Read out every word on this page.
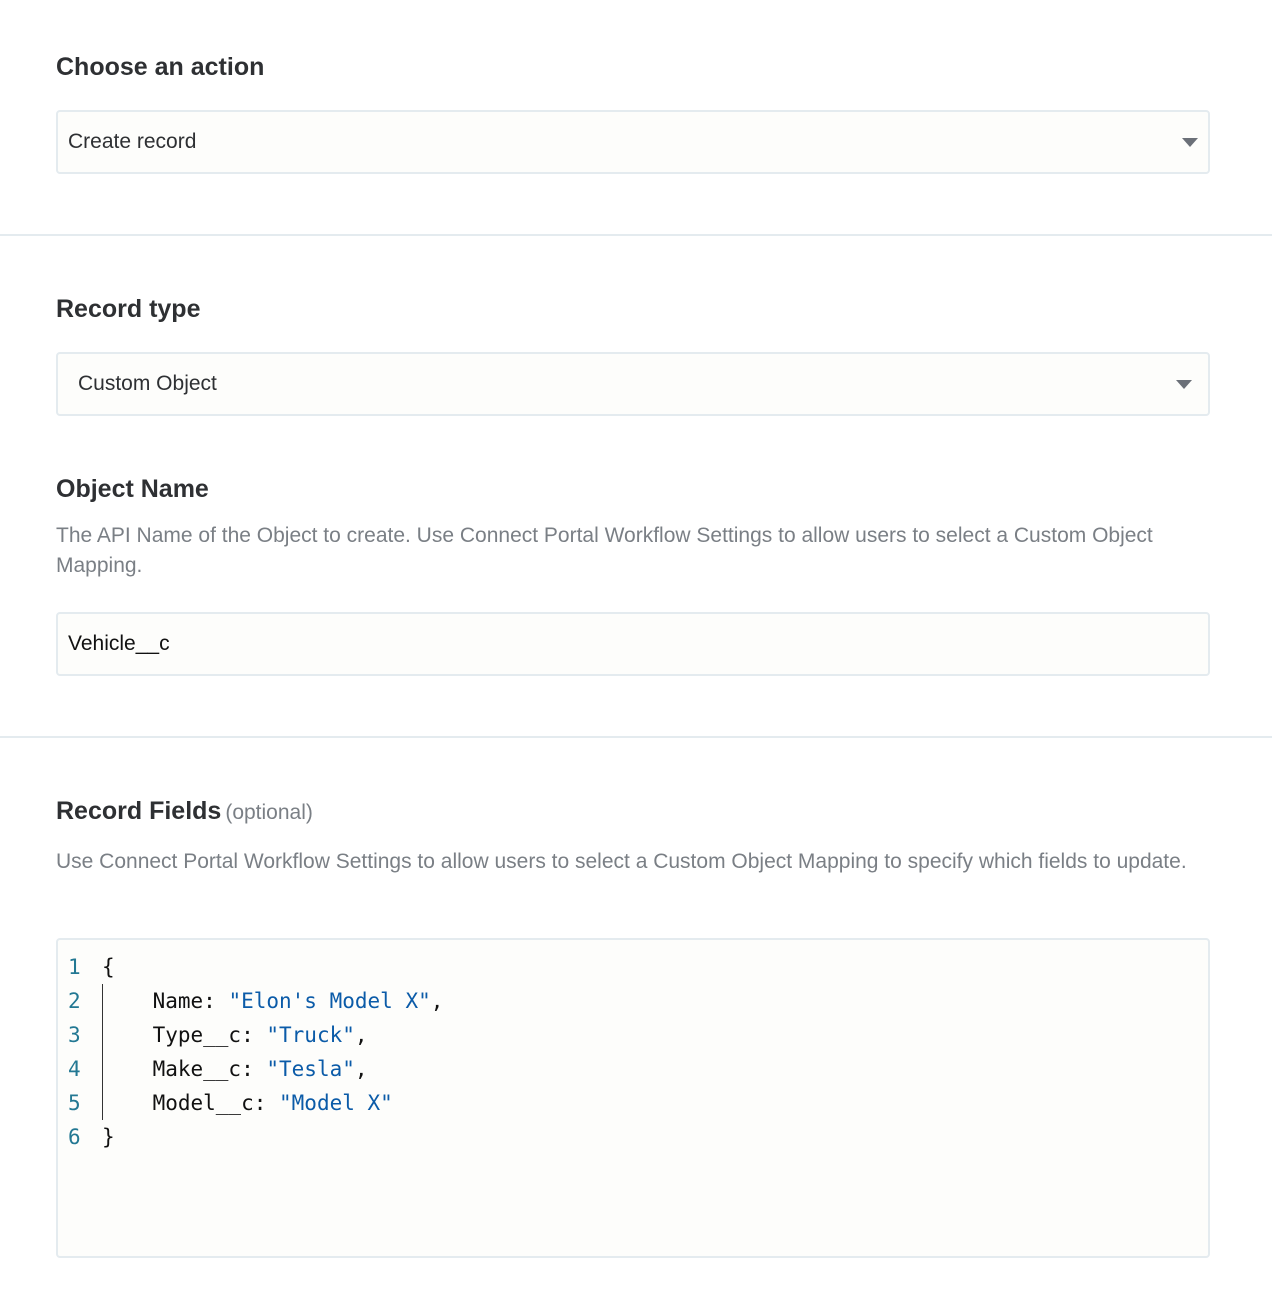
Choose an action
Create record
Record type
Custom Object
Object Name
The API Name of the Object to create. Use Connect Portal Workflow Settings to allow users to select a Custom Object Mapping.
Vehicle__c
Record Fields (optional)
Use Connect Portal Workflow Settings to allow users to select a Custom Object Mapping to specify which fields to update.
1	{
2	Name: "Elon's Model X",
3	Type__c: "Truck",
4	Make__c: "Tesla",
5	Model__c: "Model X"
6	}
